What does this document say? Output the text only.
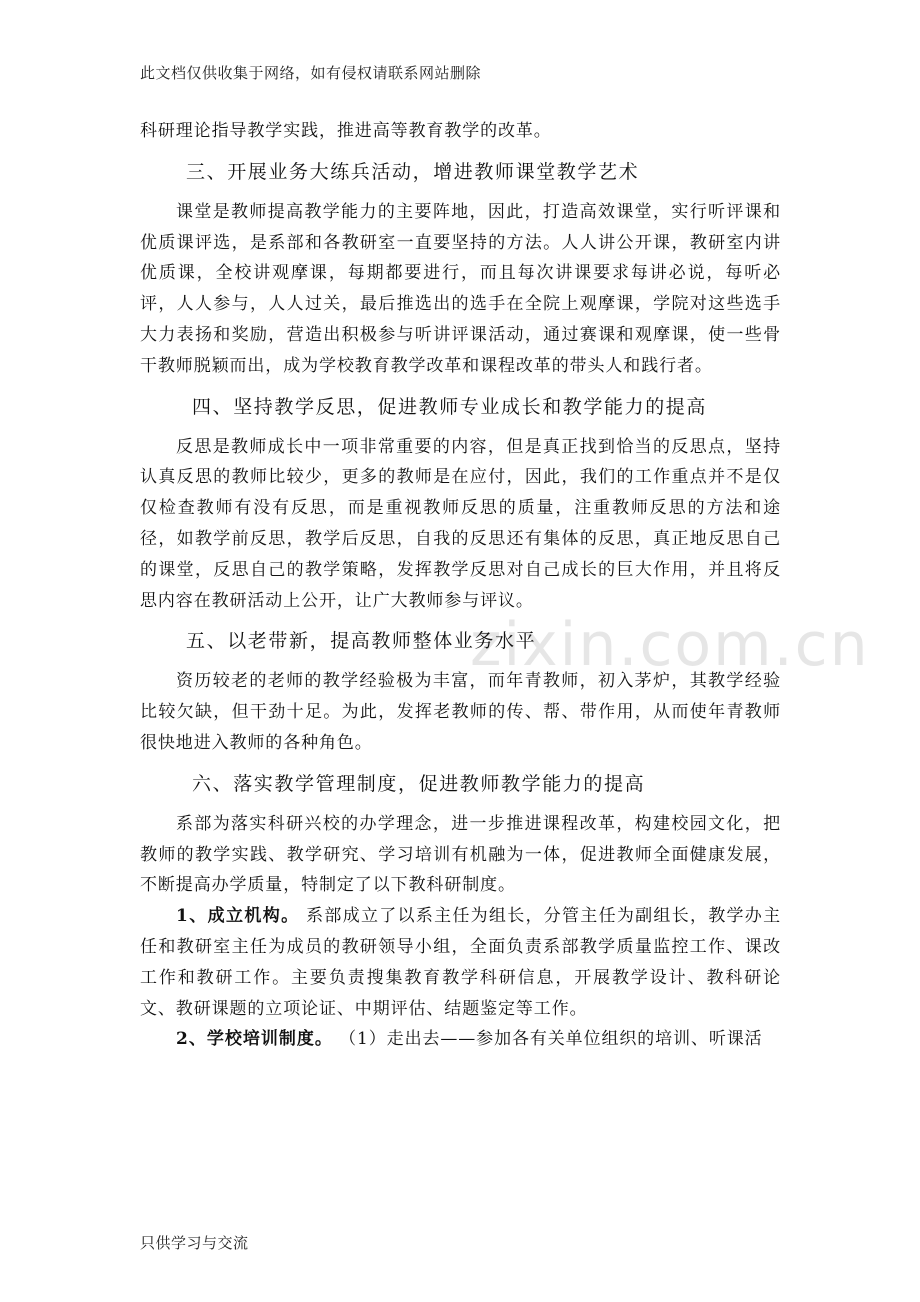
zixin.com.cn
此文档仅供收集于网络，如有侵权请联系网站删除

科研理论指导教学实践，推进高等教育教学的改革。

三、开展业务大练兵活动，增进教师课堂教学艺术

课堂是教师提高教学能力的主要阵地，因此，打造高效课堂，实行听评课和优质课评选，是系部和各教研室一直要坚持的方法。人人讲公开课，教研室内讲优质课，全校讲观摩课，每期都要进行，而且每次讲课要求每讲必说，每听必评，人人参与，人人过关，最后推选出的选手在全院上观摩课，学院对这些选手大力表扬和奖励，营造出积极参与听讲评课活动，通过赛课和观摩课，使一些骨干教师脱颖而出，成为学校教育教学改革和课程改革的带头人和践行者。

四、坚持教学反思，促进教师专业成长和教学能力的提高

反思是教师成长中一项非常重要的内容，但是真正找到恰当的反思点，坚持认真反思的教师比较少，更多的教师是在应付，因此，我们的工作重点并不是仅仅检查教师有没有反思，而是重视教师反思的质量，注重教师反思的方法和途径，如教学前反思，教学后反思，自我的反思还有集体的反思，真正地反思自己的课堂，反思自己的教学策略，发挥教学反思对自己成长的巨大作用，并且将反思内容在教研活动上公开，让广大教师参与评议。

五、以老带新，提高教师整体业务水平

资历较老的老师的教学经验极为丰富，而年青教师，初入茅炉，其教学经验比较欠缺，但干劲十足。为此，发挥老教师的传、帮、带作用，从而使年青教师很快地进入教师的各种角色。

六、落实教学管理制度，促进教师教学能力的提高

系部为落实科研兴校的办学理念，进一步推进课程改革，构建校园文化，把教师的教学实践、教学研究、学习培训有机融为一体，促进教师全面健康发展，不断提高办学质量，特制定了以下教科研制度。

1、成立机构。 系部成立了以系主任为组长，分管主任为副组长，教学办主任和教研室主任为成员的教研领导小组，全面负责系部教学质量监控工作、课改工作和教研工作。主要负责搜集教育教学科研信息，开展教学设计、教科研论文、教研课题的立项论证、中期评估、结题鉴定等工作。

2、学校培训制度。 （1）走出去——参加各有关单位组织的培训、听课活

只供学习与交流
